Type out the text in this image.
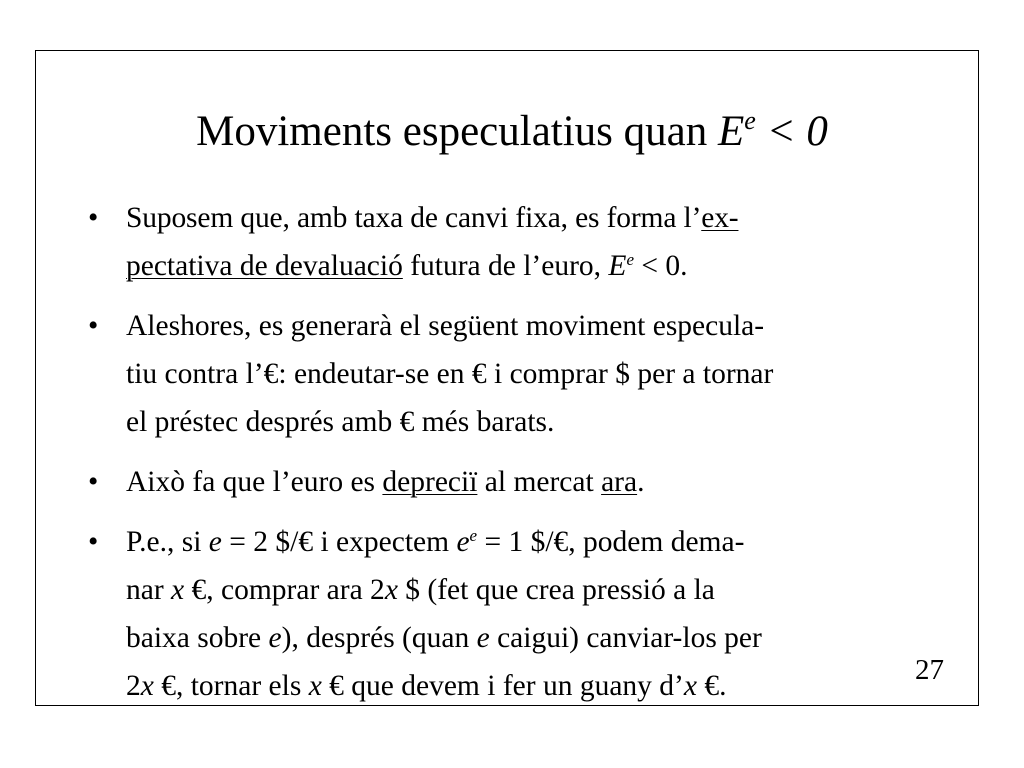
Moviments especulatius quan $E^e < 0$
• Suposem que, amb taxa de canvi fixa, es forma l’ex-
pectativa de devaluació futura de l’euro, $E^e < 0$.
• Aleshores, es generarà el següent moviment especula-
tiu contra l’€: endeutar-se en € i comprar $ per a tornar
el préstec després amb € més barats.
• Això fa que l’euro es depreciï al mercat ara.
• P.e., si e = 2 $/€ i expectem $e^e = 1$ $/€, podem dema-
nar x €, comprar ara 2x $ (fet que crea pressió a la
baixa sobre e), després (quan e caigui) canviar-los per
2x €, tornar els x € que devem i fer un guany d’x €.	27
